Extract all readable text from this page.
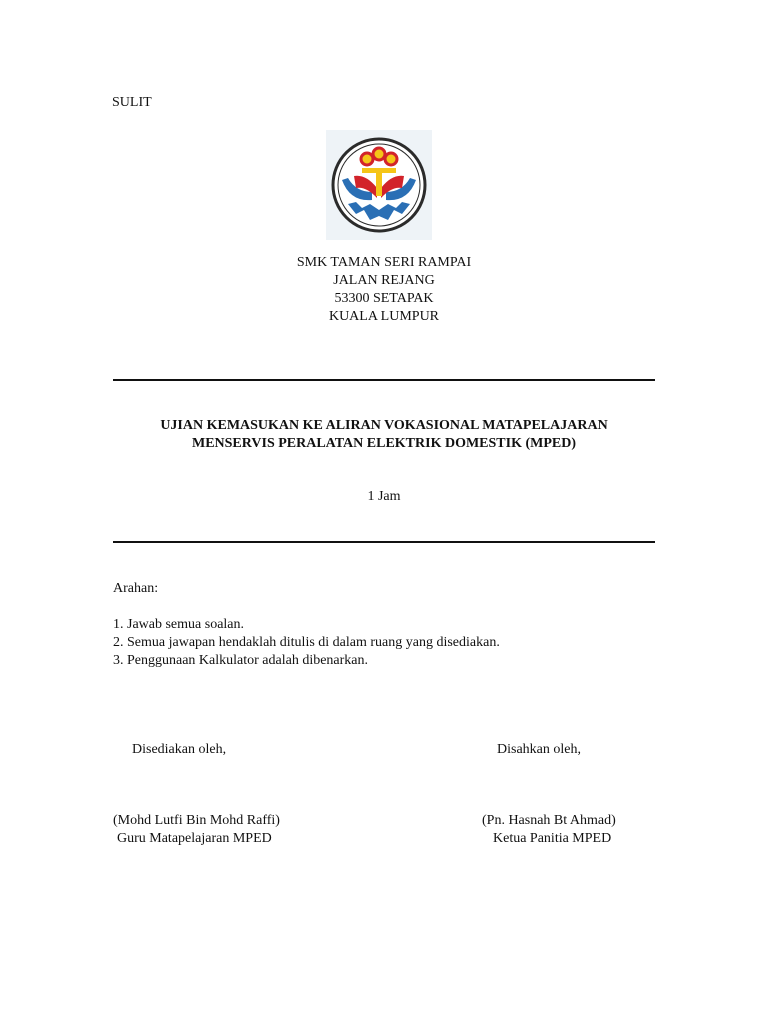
SULIT
SMK TAMAN SERI RAMPAI
JALAN REJANG
53300 SETAPAK
KUALA LUMPUR
UJIAN KEMASUKAN KE ALIRAN VOKASIONAL MATAPELAJARAN
MENSERVIS PERALATAN ELEKTRIK DOMESTIK (MPED)
1 Jam
Arahan:
1. Jawab semua soalan.
2. Semua jawapan hendaklah ditulis di dalam ruang yang disediakan.
3. Penggunaan Kalkulator adalah dibenarkan.
Disediakan oleh,	Disahkan oleh,
(Mohd Lutfi Bin Mohd Raffi)
Guru Matapelajaran MPED
(Pn. Hasnah Bt Ahmad)
Ketua Panitia MPED
